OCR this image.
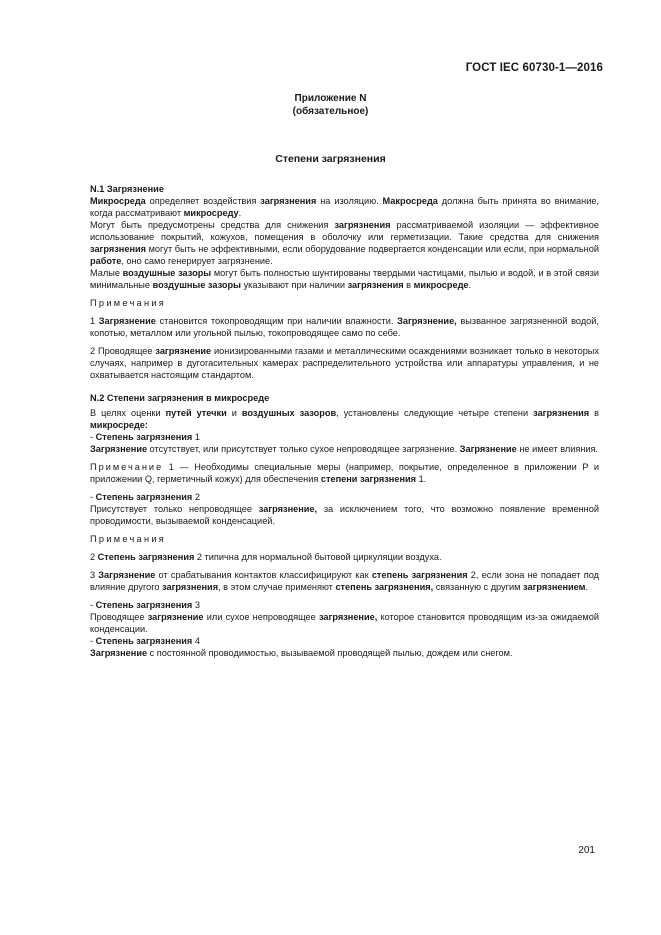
ГОСТ IEC 60730-1—2016
Приложение N
(обязательное)
Степени загрязнения

N.1 Загрязнение

Микросреда определяет воздействия загрязнения на изоляцию. Макросреда должна быть принята во внимание, когда рассматривают микросреду.

Могут быть предусмотрены средства для снижения загрязнения рассматриваемой изоляции — эффективное использование покрытий, кожухов, помещения в оболочку или герметизации. Такие средства для снижения загрязнения могут быть не эффективными, если оборудование подвергается конденсации или если, при нормальной работе, оно само генерирует загрязнение.

Малые воздушные зазоры могут быть полностью шунтированы твердыми частицами, пылью и водой, и в этой связи минимальные воздушные зазоры указывают при наличии загрязнения в микросреде.

Примечания

1 Загрязнение становится токопроводящим при наличии влажности. Загрязнение, вызванное загрязненной водой, копотью, металлом или угольной пылью, токопроводящее само по себе.

2 Проводящее загрязнение ионизированными газами и металлическими осаждениями возникает только в некоторых случаях, например в дугогасительных камерах распределительного устройства или аппаратуры управления, и не охватывается настоящим стандартом.

N.2 Степени загрязнения в микросреде

В целях оценки путей утечки и воздушных зазоров, установлены следующие четыре степени загрязнения в микросреде:

- Степень загрязнения 1

Загрязнение отсутствует, или присутствует только сухое непроводящее загрязнение. Загрязнение не имеет влияния.

Примечание 1 — Необходимы специальные меры (например, покрытие, определенное в приложении P и приложении Q, герметичный кожух) для обеспечения степени загрязнения 1.

- Степень загрязнения 2

Присутствует только непроводящее загрязнение, за исключением того, что возможно появление временной проводимости, вызываемой конденсацией.

Примечания

2 Степень загрязнения 2 типична для нормальной бытовой циркуляции воздуха.

3 Загрязнение от срабатывания контактов классифицируют как степень загрязнения 2, если зона не попадает под влияние другого загрязнения, в этом случае применяют степень загрязнения, связанную с другим загрязнением.

- Степень загрязнения 3

Проводящее загрязнение или сухое непроводящее загрязнение, которое становится проводящим из-за ожидаемой конденсации.

- Степень загрязнения 4

Загрязнение с постоянной проводимостью, вызываемой проводящей пылью, дождем или снегом.

201
